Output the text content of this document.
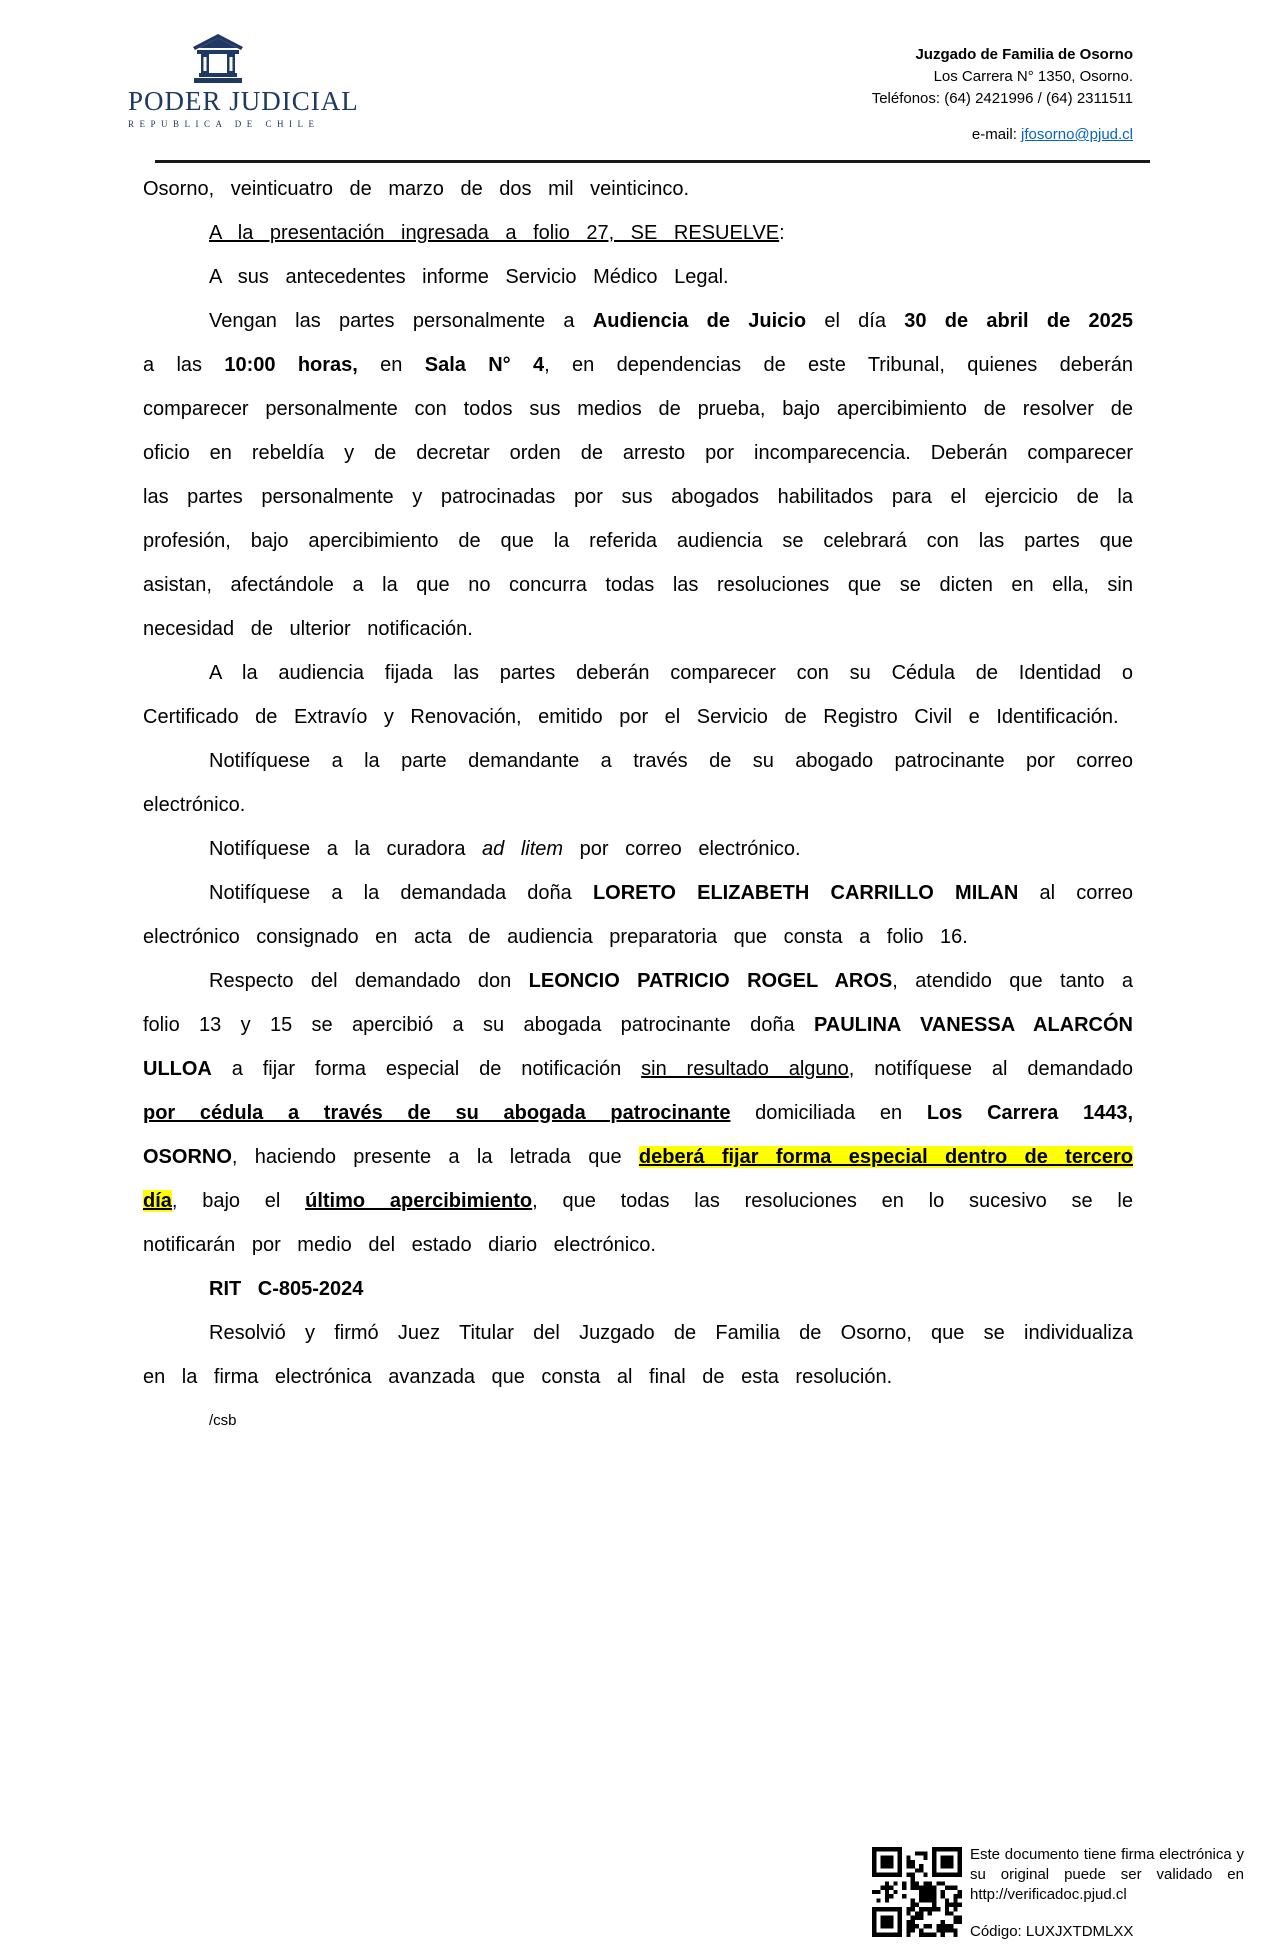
PODER JUDICIAL
REPUBLICA DE CHILE
Juzgado de Familia de Osorno
Los Carrera N° 1350, Osorno.
Teléfonos: (64) 2421996 / (64) 2311511
e-mail: jfosorno@pjud.cl

Osorno, veinticuatro de marzo de dos mil veinticinco.

A la presentación ingresada a folio 27, SE RESUELVE:

A sus antecedentes informe Servicio Médico Legal.

Vengan las partes personalmente a Audiencia de Juicio el día 30 de abril de 2025 a las 10:00 horas, en Sala N° 4, en dependencias de este Tribunal, quienes deberán comparecer personalmente con todos sus medios de prueba, bajo apercibimiento de resolver de oficio en rebeldía y de decretar orden de arresto por incomparecencia. Deberán comparecer las partes personalmente y patrocinadas por sus abogados habilitados para el ejercicio de la profesión, bajo apercibimiento de que la referida audiencia se celebrará con las partes que asistan, afectándole a la que no concurra todas las resoluciones que se dicten en ella, sin necesidad de ulterior notificación.

A la audiencia fijada las partes deberán comparecer con su Cédula de Identidad o Certificado de Extravío y Renovación, emitido por el Servicio de Registro Civil e Identificación.

Notifíquese a la parte demandante a través de su abogado patrocinante por correo electrónico.

Notifíquese a la curadora ad litem por correo electrónico.

Notifíquese a la demandada doña LORETO ELIZABETH CARRILLO MILAN al correo electrónico consignado en acta de audiencia preparatoria que consta a folio 16.

Respecto del demandado don LEONCIO PATRICIO ROGEL AROS, atendido que tanto a folio 13 y 15 se apercibió a su abogada patrocinante doña PAULINA VANESSA ALARCÓN ULLOA a fijar forma especial de notificación sin resultado alguno, notifíquese al demandado por cédula a través de su abogada patrocinante domiciliada en Los Carrera 1443, OSORNO, haciendo presente a la letrada que deberá fijar forma especial dentro de tercero día, bajo el último apercibimiento, que todas las resoluciones en lo sucesivo se le notificarán por medio del estado diario electrónico.

RIT C-805-2024

Resolvió y firmó Juez Titular del Juzgado de Familia de Osorno, que se individualiza en la firma electrónica avanzada que consta al final de esta resolución.

/csb

Este documento tiene firma electrónica y su original puede ser validado en http://verificadoc.pjud.cl

Código: LUXJXTDMLXX
